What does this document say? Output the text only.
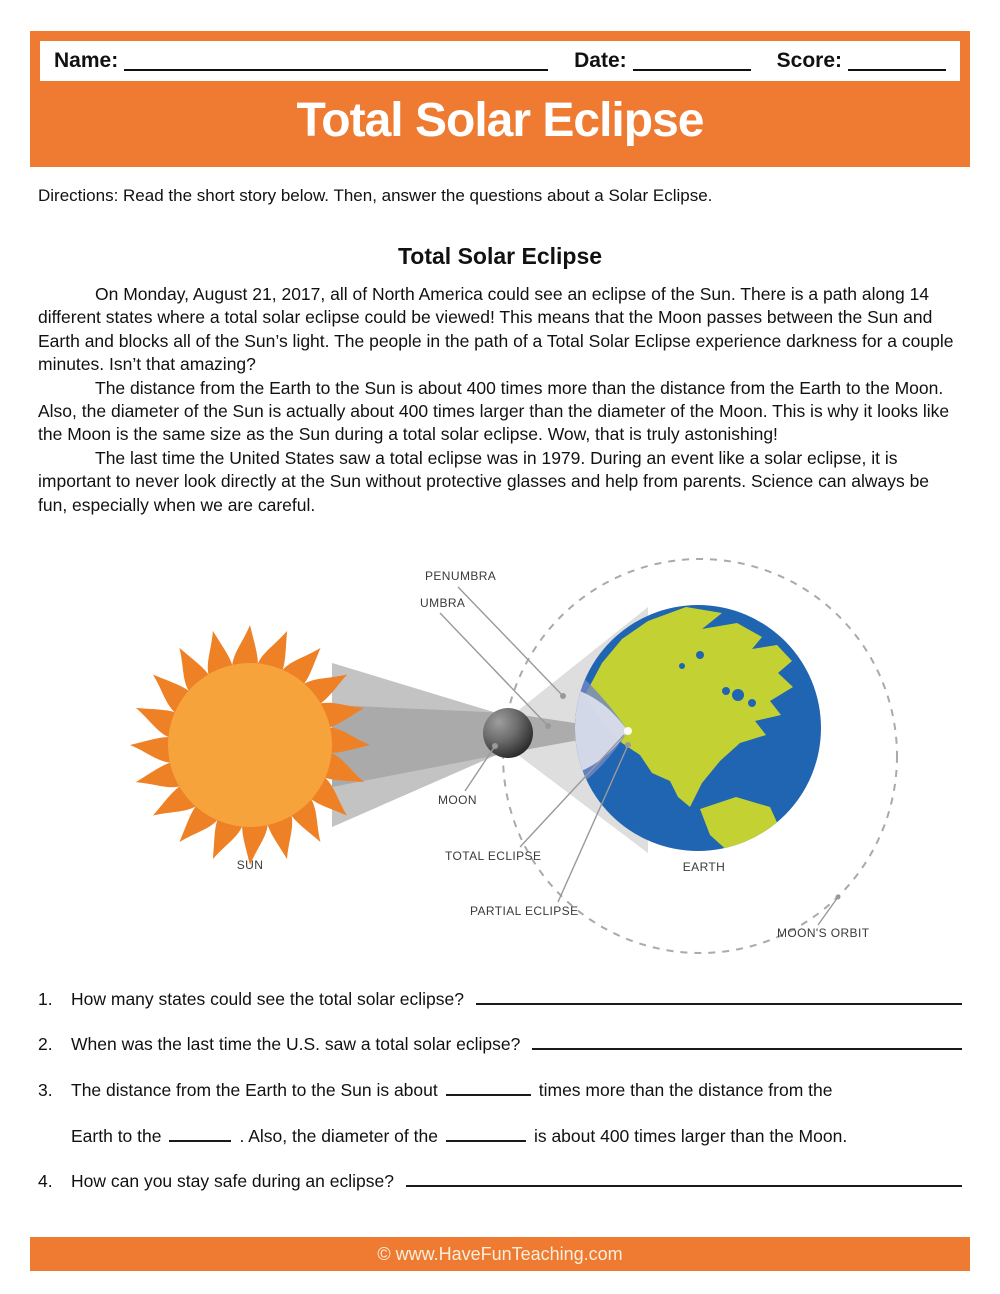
Name:	Date:	Score:
Total Solar Eclipse
Directions: Read the short story below. Then, answer the questions about a Solar Eclipse.
Total Solar Eclipse

On Monday, August 21, 2017, all of North America could see an eclipse of the Sun. There is a path along 14 different states where a total solar eclipse could be viewed! This means that the Moon passes between the Sun and Earth and blocks all of the Sun’s light. The people in the path of a Total Solar Eclipse experience darkness for a couple minutes. Isn’t that amazing?

The distance from the Earth to the Sun is about 400 times more than the distance from the Earth to the Moon. Also, the diameter of the Sun is actually about 400 times larger than the diameter of the Moon. This is why it looks like the Moon is the same size as the Sun during a total solar eclipse. Wow, that is truly astonishing!

The last time the United States saw a total eclipse was in 1979. During an event like a solar eclipse, it is important to never look directly at the Sun without protective glasses and help from parents. Science can always be fun, especially when we are careful.

PENUMBRA
UMBRA
MOON
TOTAL ECLIPSE
PARTIAL ECLIPSE
SUN	EARTH
MOON'S ORBIT
1.	How many states could see the total solar eclipse?
2.	When was the last time the U.S. saw a total solar eclipse?
3.	The distance from the Earth to the Sun is about	times more than the distance from the
Earth to the	. Also, the diameter of the	is about 400 times larger than the Moon.
4.	How can you stay safe during an eclipse?
© www.HaveFunTeaching.com
